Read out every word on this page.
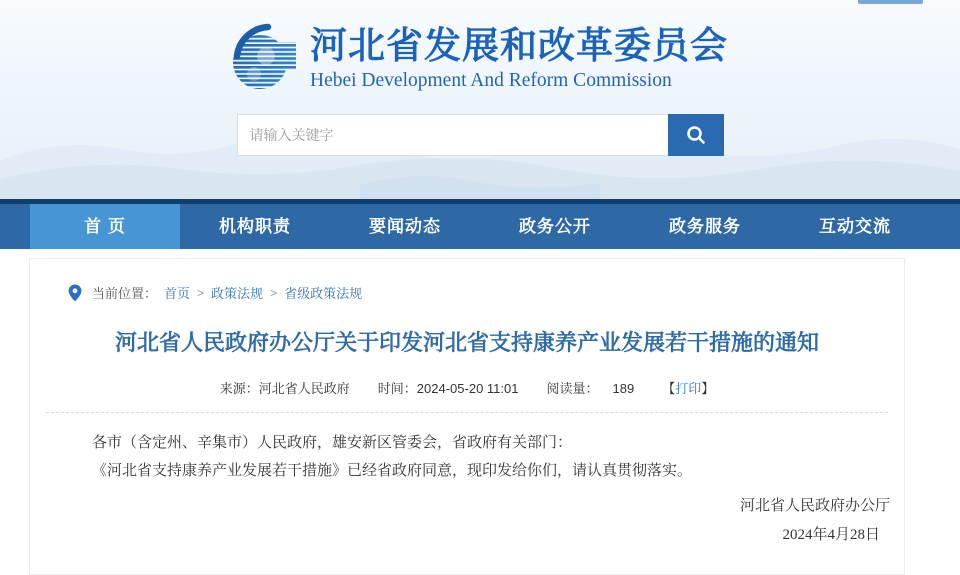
河北省发展和改革委员会
Hebei Development And Reform Commission
请输入关键字
首 页	机构职责	要闻动态	政务公开	政务服务	互动交流
当前位置： 首页 > 政策法规 > 省级政策法规
河北省人民政府办公厅关于印发河北省支持康养产业发展若干措施的通知
来源：河北省人民政府 时间：2024-05-20 11:01 阅读量： 189 【打印】

各市（含定州、辛集市）人民政府，雄安新区管委会，省政府有关部门：

《河北省支持康养产业发展若干措施》已经省政府同意，现印发给你们，请认真贯彻落实。

河北省人民政府办公厅
2024年4月28日
